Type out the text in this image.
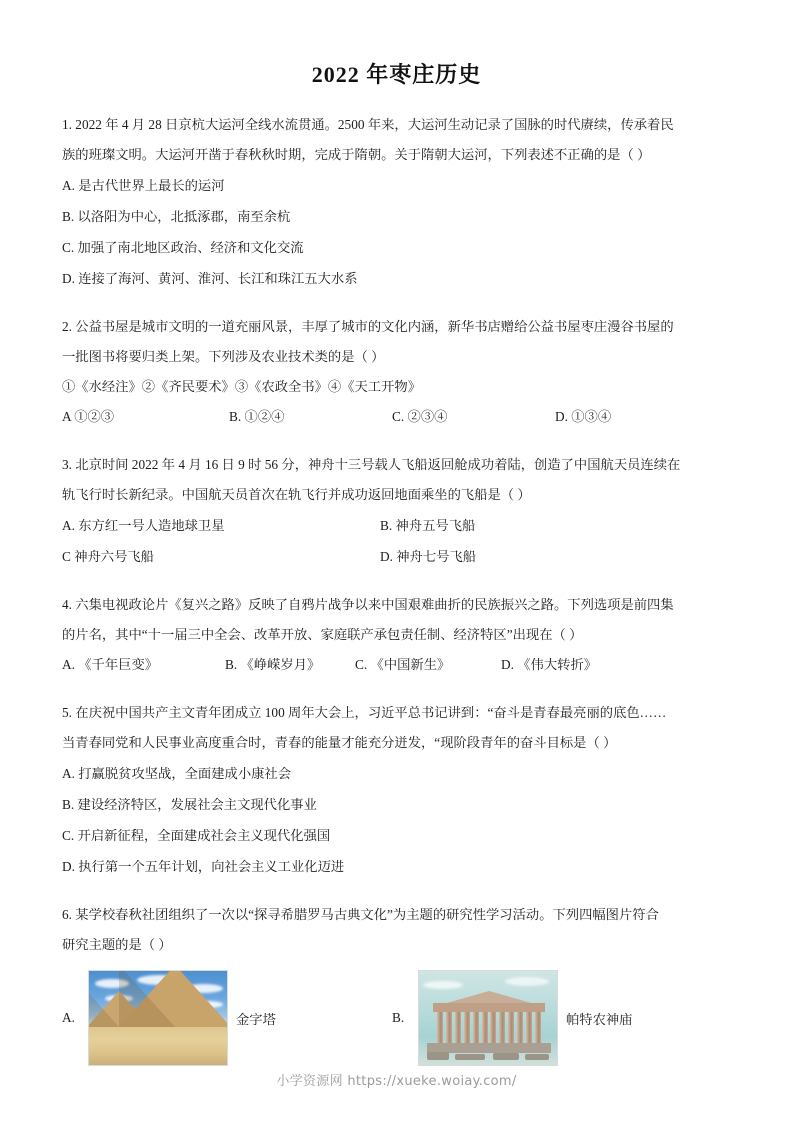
2022 年枣庄历史

1. 2022 年 4 月 28 日京杭大运河全线水流贯通。2500 年来，大运河生动记录了国脉的时代赓续，传承着民

族的班璨文明。大运河开凿于春秋秋时期，完成于隋朝。关于隋朝大运河，下列表述不正确的是（ ）

A. 是古代世界上最长的运河

B. 以洛阳为中心，北抵涿郡，南至余杭

C. 加强了南北地区政治、经济和文化交流

D. 连接了海河、黄河、淮河、长江和珠江五大水系

2. 公益书屋是城市文明的一道充丽风景，丰厚了城市的文化内涵，新华书店赠给公益书屋枣庄漫谷书屋的

一批图书将要归类上架。下列涉及农业技术类的是（ ）

①《水经注》②《齐民要术》③《农政全书》④《天工开物》

A ①②③	B. ①②④	C. ②③④	D. ①③④

3. 北京时间 2022 年 4 月 16 日 9 时 56 分，神舟十三号载人飞船返回舱成功着陆，创造了中国航天员连续在

轨飞行时长新纪录。中国航天员首次在轨飞行并成功返回地面乘坐的飞船是（ ）

A. 东方红一号人造地球卫星	B. 神舟五号飞船
C 神舟六号飞船	D. 神舟七号飞船

4. 六集电视政论片《复兴之路》反映了自鸦片战争以来中国艰难曲折的民族振兴之路。下列选项是前四集

的片名，其中“十一届三中全会、改革开放、家庭联产承包责任制、经济特区”出现在（ ）

A. 《千年巨变》	B. 《峥嵘岁月》	C. 《中国新生》	D. 《伟大转折》

5. 在庆祝中国共产主文青年团成立 100 周年大会上，习近平总书记讲到：“奋斗是青春最亮丽的底色……

当青春同党和人民事业高度重合时，青春的能量才能充分迸发，“现阶段青年的奋斗目标是（ ）

A. 打赢脱贫攻坚战，全面建成小康社会

B. 建设经济特区，发展社会主文现代化事业

C. 开启新征程，全面建成社会主义现代化强国

D. 执行第一个五年计划，向社会主义工业化迈进

6. 某学校春秋社团组织了一次以“探寻希腊罗马古典文化”为主题的研究性学习活动。下列四幅图片符合

研究主题的是（ ）

A.	金字塔	B.	帕特农神庙
小学资源网 https://xueke.woiay.com/
